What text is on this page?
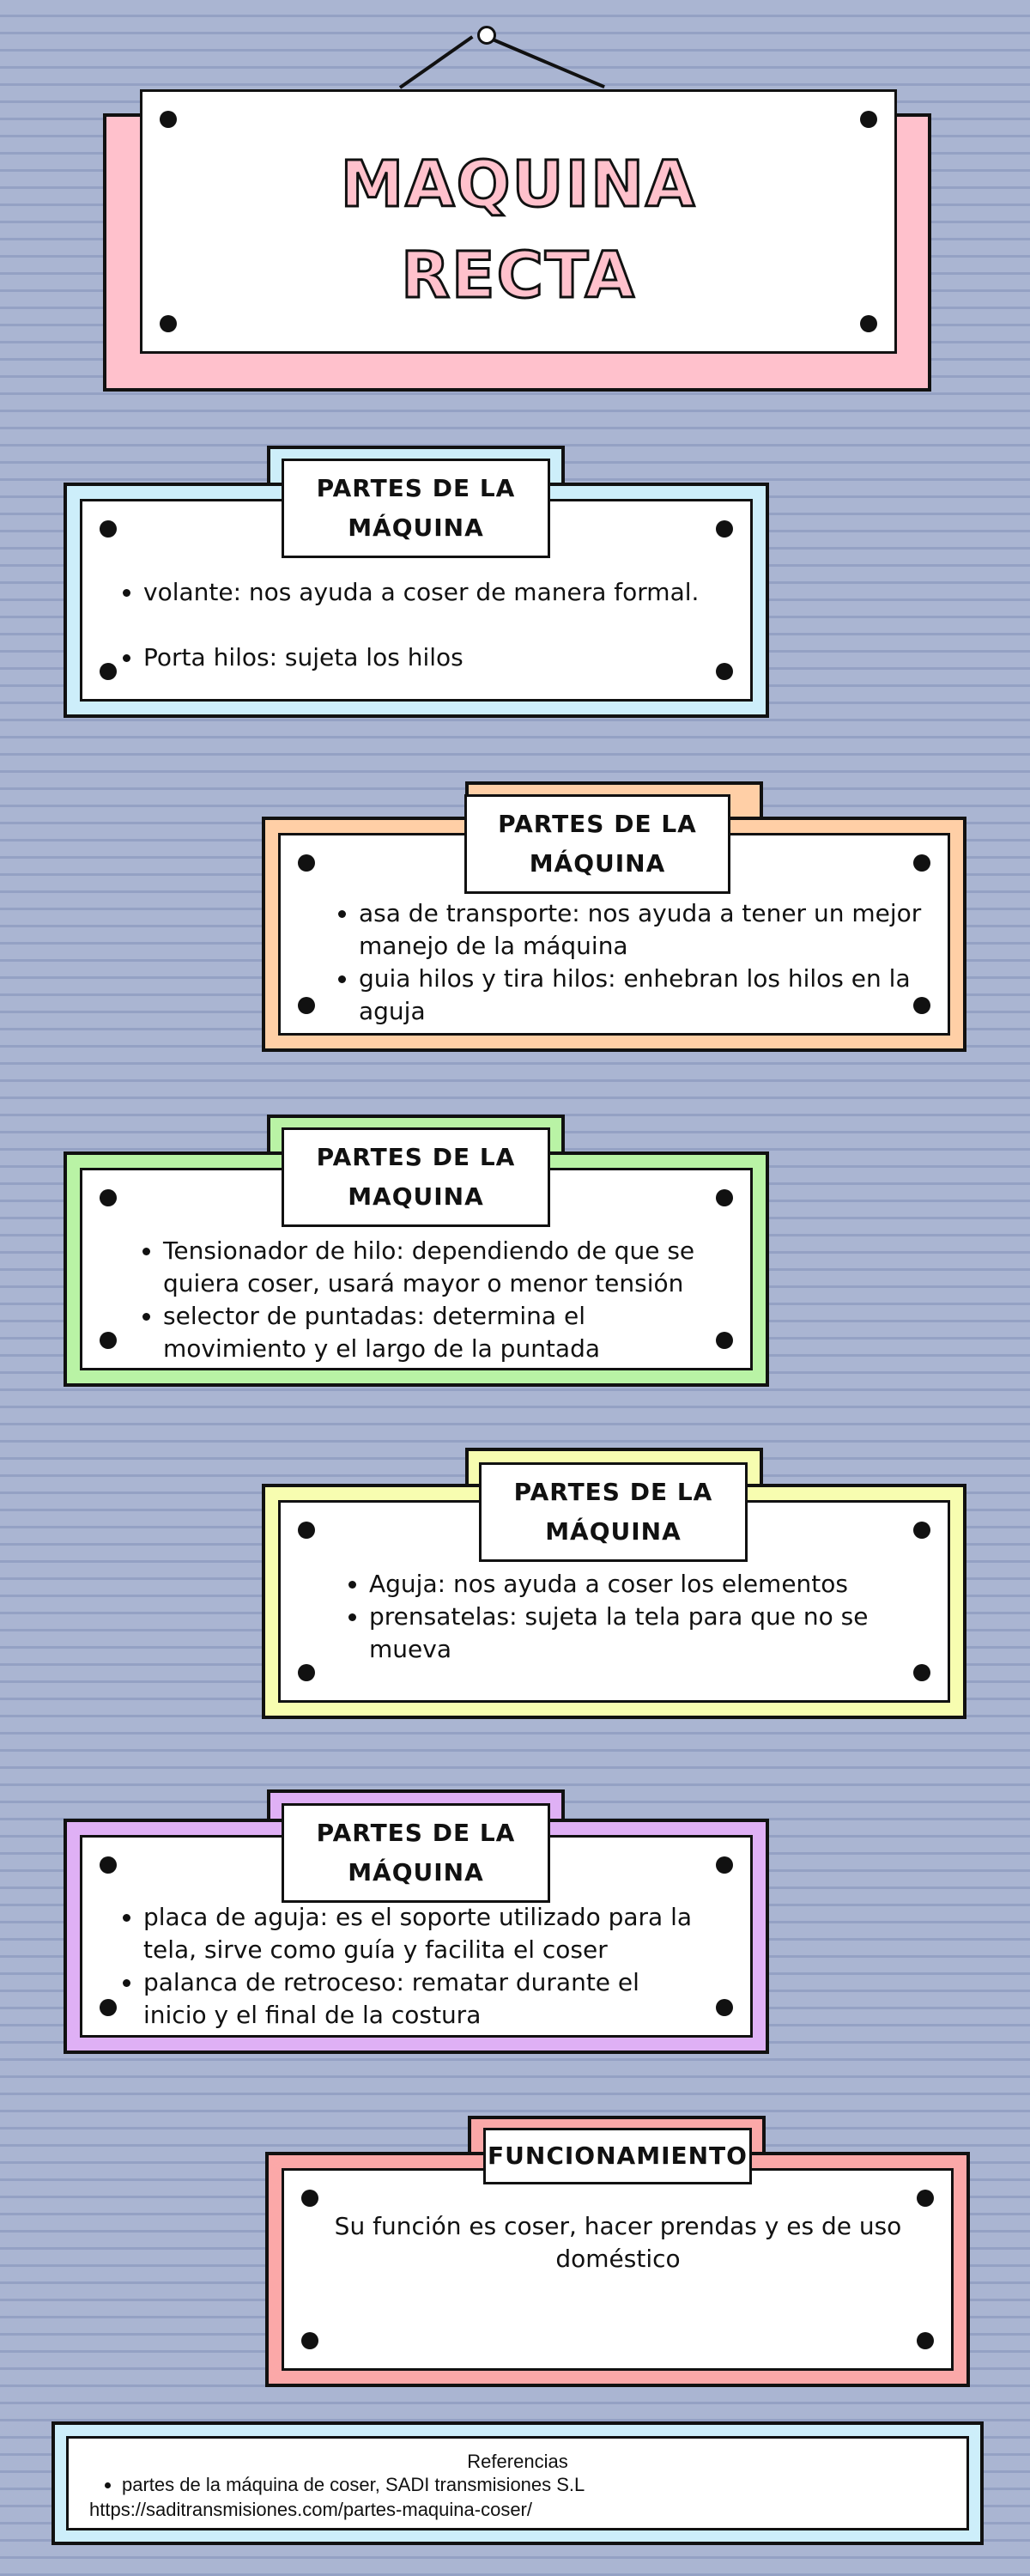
MAQUINA
RECTA
PARTES DE LA
MÁQUINA
• volante: nos ayuda a coser de manera formal.
• Porta hilos: sujeta los hilos
PARTES DE LA
MÁQUINA
• asa de transporte: nos ayuda a tener un mejor manejo de la máquina
• guia hilos y tira hilos: enhebran los hilos en la aguja
PARTES DE LA
MAQUINA
• Tensionador de hilo: dependiendo de que se quiera coser, usará mayor o menor tensión
• selector de puntadas: determina el movimiento y el largo de la puntada
PARTES DE LA
MÁQUINA
• Aguja: nos ayuda a coser los elementos
• prensatelas: sujeta la tela para que no se mueva
PARTES DE LA
MÁQUINA
• placa de aguja: es el soporte utilizado para la tela, sirve como guía y facilita el coser
• palanca de retroceso: rematar durante el inicio y el final de la costura
FUNCIONAMIENTO
Su función es coser, hacer prendas y es de uso doméstico
Referencias
• partes de la máquina de coser, SADI transmisiones S.L
https://saditransmisiones.com/partes-maquina-coser/
